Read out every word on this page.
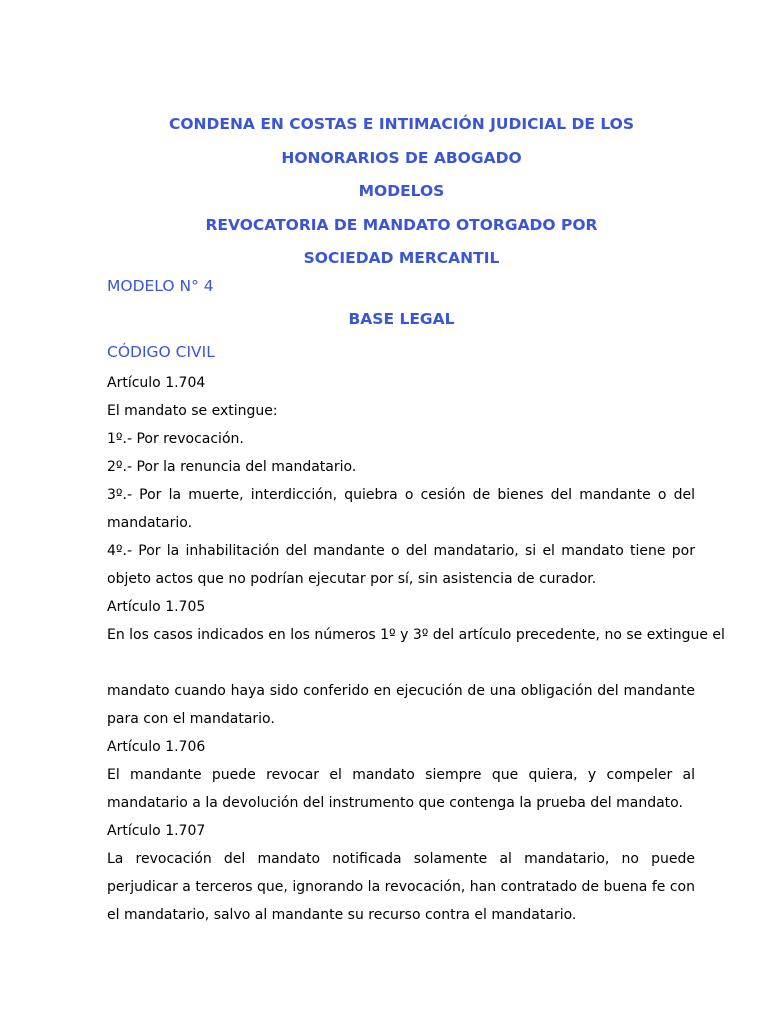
CONDENA EN COSTAS E INTIMACIÓN JUDICIAL DE LOS
HONORARIOS DE ABOGADO
MODELOS
REVOCATORIA DE MANDATO OTORGADO POR
SOCIEDAD MERCANTIL
MODELO N° 4
BASE LEGAL
CÓDIGO CIVIL

Artículo 1.704

El mandato se extingue:

1º.- Por revocación.

2º.- Por la renuncia del mandatario.

3º.- Por la muerte, interdicción, quiebra o cesión de bienes del mandante o del mandatario.

4º.- Por la inhabilitación del mandante o del mandatario, si el mandato tiene por objeto actos que no podrían ejecutar por sí, sin asistencia de curador.

Artículo 1.705

En los casos indicados en los números 1º y 3º del artículo precedente, no se extingue el

mandato cuando haya sido conferido en ejecución de una obligación del mandante para con el mandatario.

Artículo 1.706

El mandante puede revocar el mandato siempre que quiera, y compeler al mandatario a la devolución del instrumento que contenga la prueba del mandato.

Artículo 1.707

La revocación del mandato notificada solamente al mandatario, no puede perjudicar a terceros que, ignorando la revocación, han contratado de buena fe con el mandatario, salvo al mandante su recurso contra el mandatario.
